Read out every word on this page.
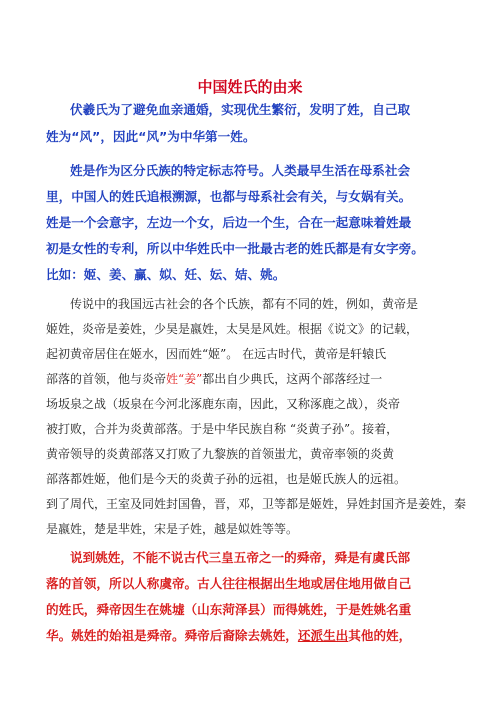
中国姓氏的由来
伏羲氏为了避免血亲通婚，实现优生繁衍，发明了姓，自己取
姓为“风”，因此“风”为中华第一姓。
姓是作为区分氏族的特定标志符号。人类最早生活在母系社会
里，中国人的姓氏追根溯源，也都与母系社会有关，与女娲有关。
姓是一个会意字，左边一个女，后边一个生，合在一起意味着姓最
初是女性的专利，所以中华姓氏中一批最古老的姓氏都是有女字旁。
比如：姬、姜、赢、姒、妊、妘、姞、姚。
传说中的我国远古社会的各个氏族，都有不同的姓，例如，黄帝是
姬姓，炎帝是姜姓，少昊是嬴姓，太昊是风姓。根据《说文》的记载，
起初黄帝居住在姬水，因而姓“姬”。 在远古时代，黄帝是轩辕氏
部落的首领，他与炎帝姓“姜”都出自少典氏，这两个部落经过一
场坂泉之战（坂泉在今河北涿鹿东南，因此，又称涿鹿之战），炎帝
被打败，合并为炎黄部落。于是中华民族自称 “炎黄子孙”。接着，
黄帝领导的炎黄部落又打败了九黎族的首领蚩尤，黄帝率领的炎黄
部落都姓姬，他们是今天的炎黄子孙的远祖，也是姬氏族人的远祖。
到了周代，王室及同姓封国鲁，晋，邓，卫等都是姬姓，异姓封国齐是姜姓，秦
是嬴姓，楚是芈姓，宋是子姓，越是姒姓等等。
说到姚姓，不能不说古代三皇五帝之一的舜帝，舜是有虞氏部
落的首领，所以人称虞帝。古人往往根据出生地或居住地用做自己
的姓氏，舜帝因生在姚墟（山东菏泽县）而得姚姓，于是姓姚名重
华。姚姓的始祖是舜帝。舜帝后裔除去姚姓，还派生出其他的姓，
